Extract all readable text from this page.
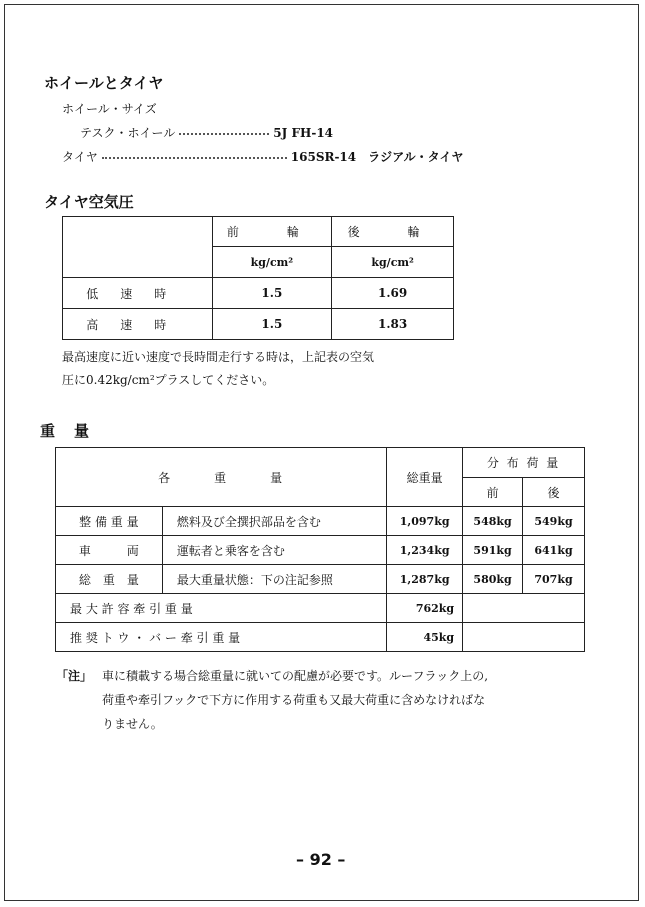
ホイールとタイヤ
ホイール・サイズ
テスク・ホイール	5J FH-14
タイヤ	165SR-14　ラジアル・タイヤ
タイヤ空気圧
	前　輪	後　輪
	kg/cm²	kg/cm²
低速時	1.5	1.69
高速時	1.5	1.83
最高速度に近い速度で長時間走行する時は，上記表の空気
圧に0.42kg/cm²プラスしてください。
重　量
各　　　重　　　量		総重量	分 布 荷 量	
			前	後
整 備 重 量	燃料及び全撰択部品を含む	1,097kg	548kg	549kg
車　　　両	運転者と乗客を含む	1,234kg	591kg	641kg
総　重　量	最大重量状態：下の注記参照	1,287kg	580kg	707kg
最 大 許 容 牽 引 重 量		762kg		
推 奨 ト ウ ・ バ ー 牽 引 重 量		45kg		
「注」 車に積載する場合総重量に就いての配慮が必要です。ルーフラック上の,
荷重や牽引フックで下方に作用する荷重も又最大荷重に含めなければな
りません。
– 92 –
